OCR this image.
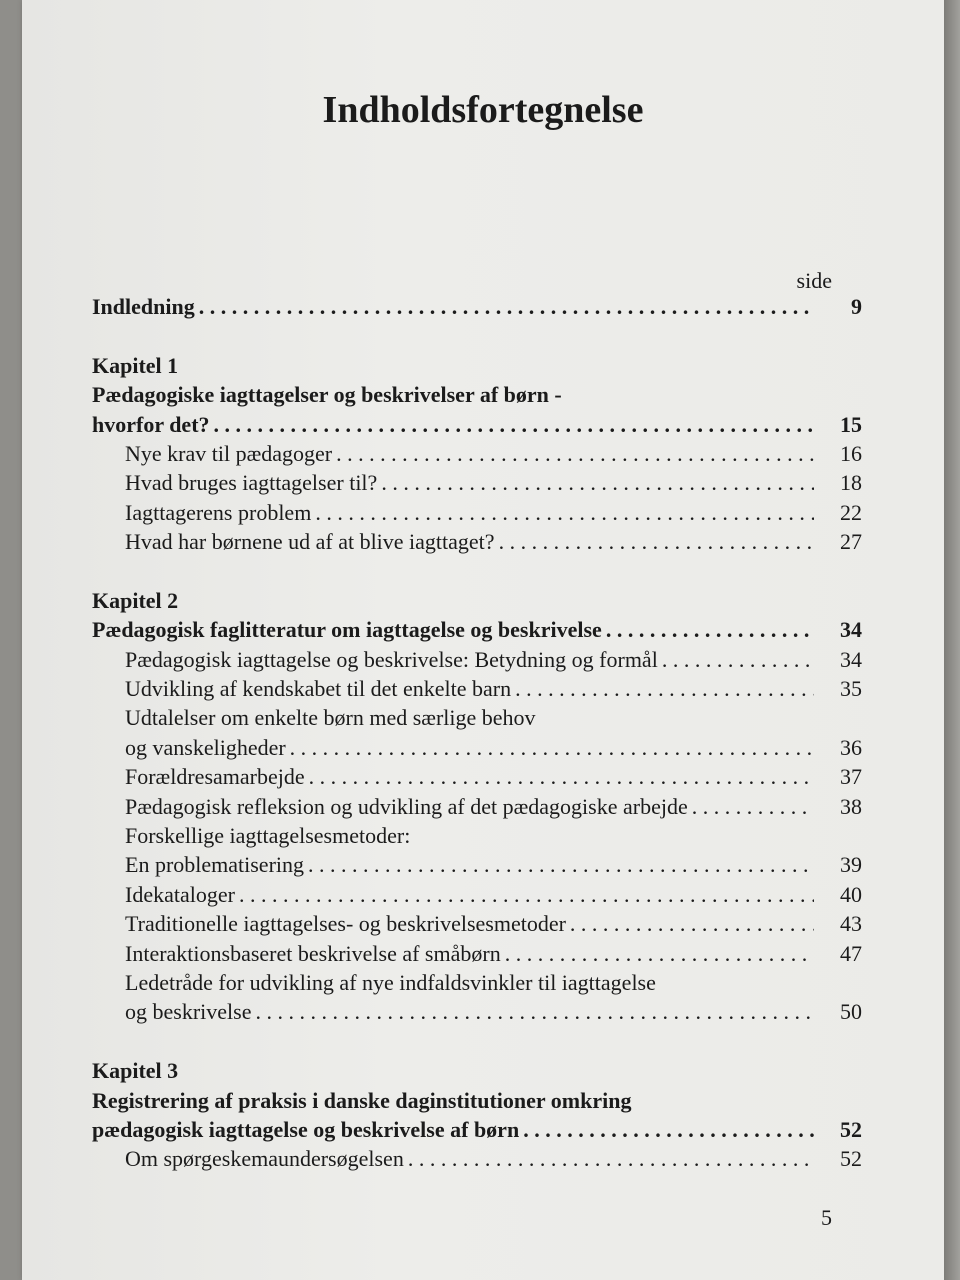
Indholdsfortegnelse
side
Indledning . . .	9
Kapitel 1
Pædagogiske iagttagelser og beskrivelser af børn -
hvorfor det? . . .	15
Nye krav til pædagoger . . .	16
Hvad bruges iagttagelser til? . . .	18
Iagttagerens problem . . .	22
Hvad har børnene ud af at blive iagttaget? . . .	27
Kapitel 2
Pædagogisk faglitteratur om iagttagelse og beskrivelse . . .	34
Pædagogisk iagttagelse og beskrivelse: Betydning og formål . . .	34
Udvikling af kendskabet til det enkelte barn . . .	35
Udtalelser om enkelte børn med særlige behov
og vanskeligheder . . .	36
Forældresamarbejde . . .	37
Pædagogisk refleksion og udvikling af det pædagogiske arbejde . . .	38
Forskellige iagttagelsesmetoder:
En problematisering . . .	39
Idekataloger . . .	40
Traditionelle iagttagelses- og beskrivelsesmetoder . . .	43
Interaktionsbaseret beskrivelse af småbørn . . .	47
Ledetråde for udvikling af nye indfaldsvinkler til iagttagelse
og beskrivelse . . .	50
Kapitel 3
Registrering af praksis i danske daginstitutioner omkring
pædagogisk iagttagelse og beskrivelse af børn . . .	52
Om spørgeskemaundersøgelsen . . .	52
5
